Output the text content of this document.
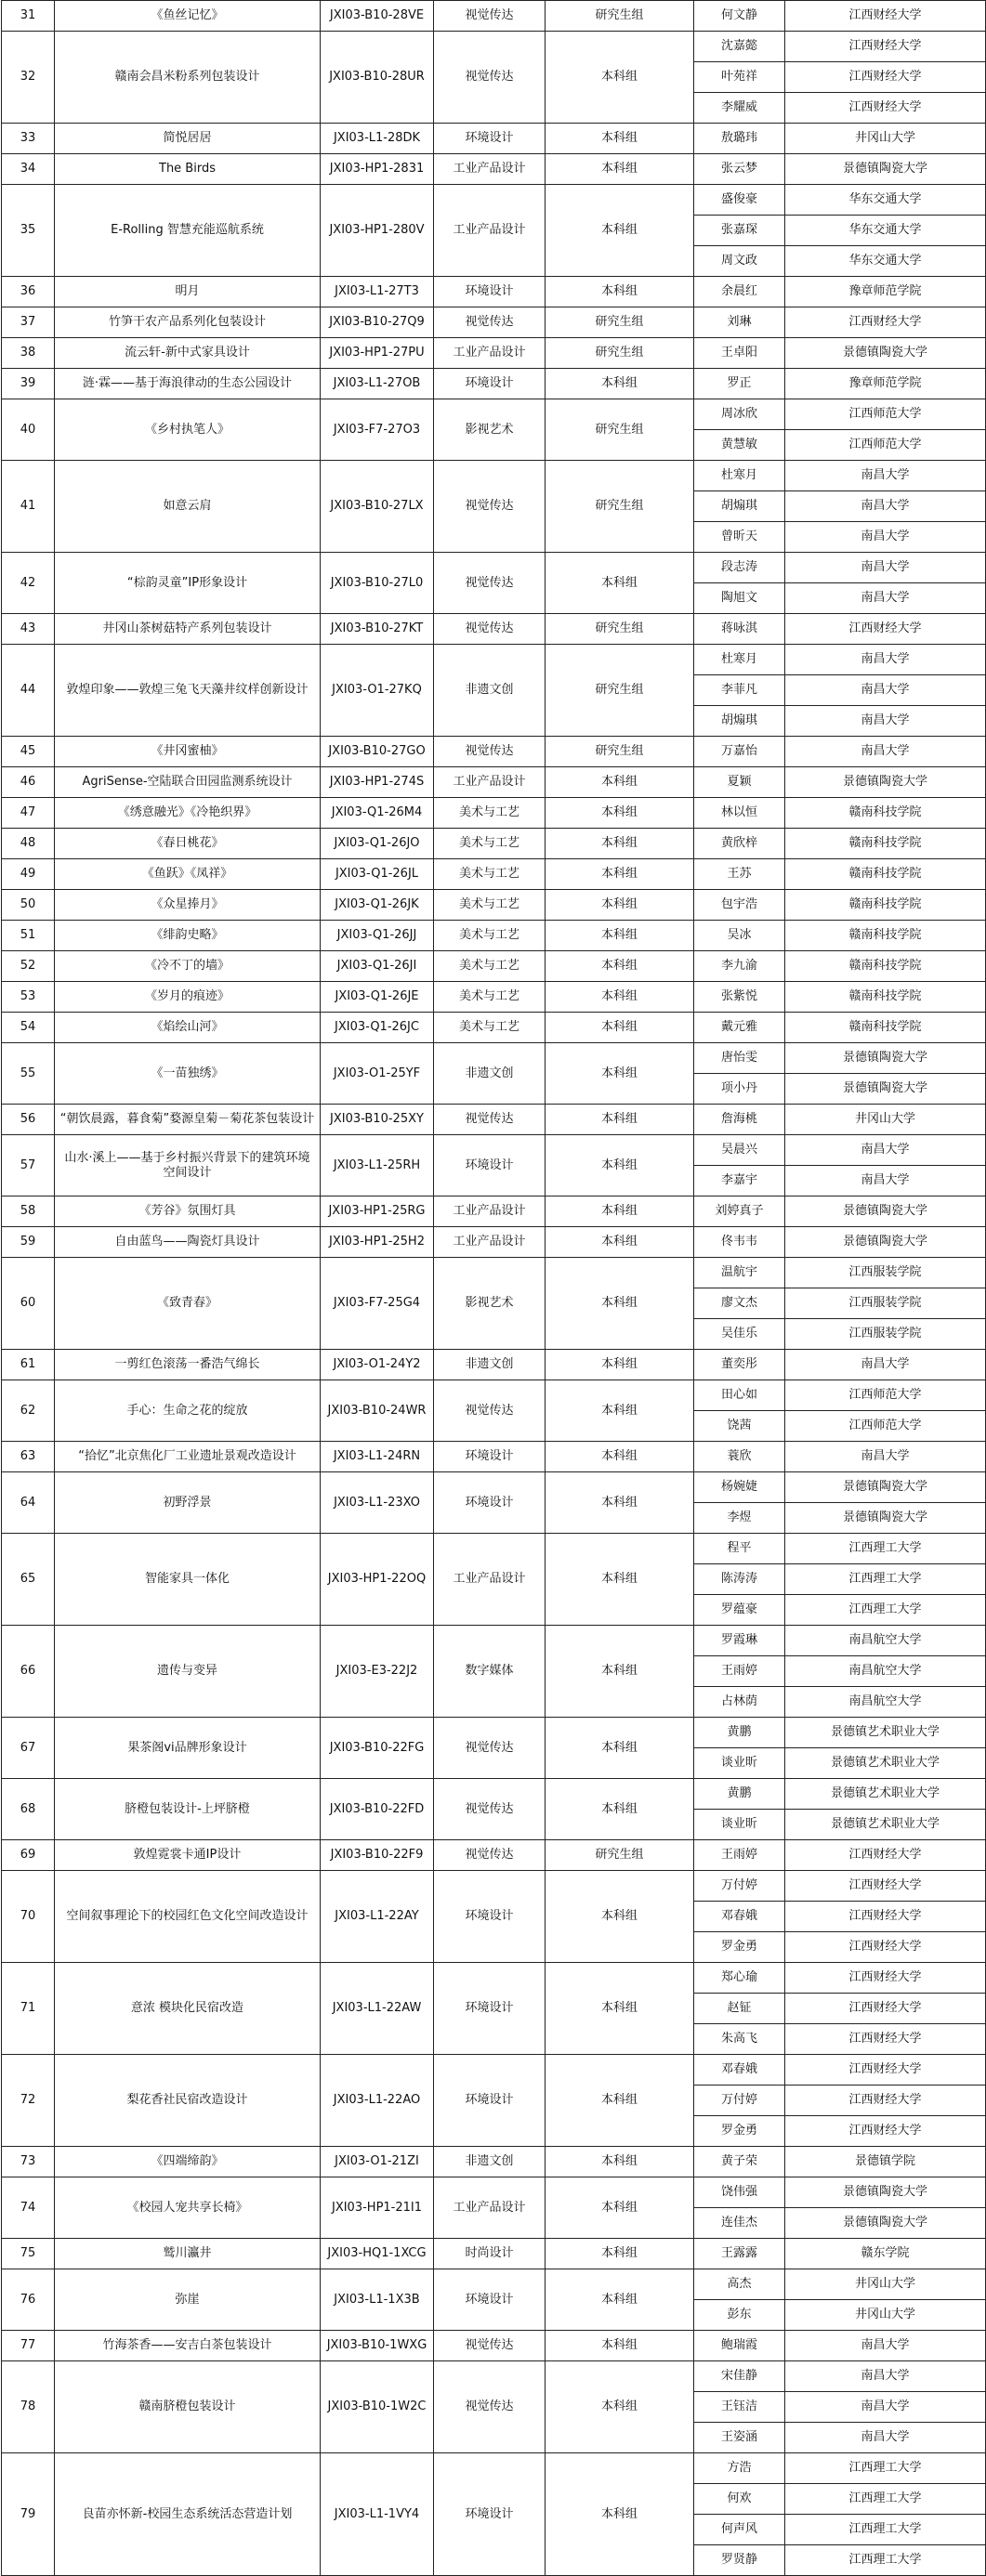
31	《鱼丝记忆》	JXI03-B10-28VE	视觉传达	研究生组	何文静	江西财经大学
32	赣南会昌米粉系列包装设计	JXI03-B10-28UR	视觉传达	本科组	沈嘉懿	江西财经大学
					叶苑祥	江西财经大学
					李耀威	江西财经大学
33	简悦居居	JXI03-L1-28DK	环境设计	本科组	敖璐玮	井冈山大学
34	The Birds	JXI03-HP1-2831	工业产品设计	本科组	张云梦	景德镇陶瓷大学
35	E-Rolling 智慧充能巡航系统	JXI03-HP1-280V	工业产品设计	本科组	盛俊豪	华东交通大学
					张嘉琛	华东交通大学
					周文政	华东交通大学
36	明月	JXI03-L1-27T3	环境设计	本科组	余晨红	豫章师范学院
37	竹笋干农产品系列化包装设计	JXI03-B10-27Q9	视觉传达	研究生组	刘琳	江西财经大学
38	流云轩-新中式家具设计	JXI03-HP1-27PU	工业产品设计	研究生组	王卓阳	景德镇陶瓷大学
39	涟·霖——基于海浪律动的生态公园设计	JXI03-L1-27OB	环境设计	本科组	罗正	豫章师范学院
40	《乡村执笔人》	JXI03-F7-27O3	影视艺术	研究生组	周冰欣	江西师范大学
					黄慧敏	江西师范大学
41	如意云肩	JXI03-B10-27LX	视觉传达	研究生组	杜寒月	南昌大学
					胡煽琪	南昌大学
					曾昕天	南昌大学
42	“棕韵灵童”IP形象设计	JXI03-B10-27L0	视觉传达	本科组	段志涛	南昌大学
					陶旭文	南昌大学
43	井冈山茶树菇特产系列包装设计	JXI03-B10-27KT	视觉传达	研究生组	蒋咏淇	江西财经大学
44	敦煌印象——敦煌三兔飞天藻井纹样创新设计	JXI03-O1-27KQ	非遗文创	研究生组	杜寒月	南昌大学
					李菲凡	南昌大学
					胡煽琪	南昌大学
45	《井冈蜜柚》	JXI03-B10-27GO	视觉传达	研究生组	万嘉怡	南昌大学
46	AgriSense-空陆联合田园监测系统设计	JXI03-HP1-274S	工业产品设计	本科组	夏颖	景德镇陶瓷大学
47	《绣意融光》《冷艳织界》	JXI03-Q1-26M4	美术与工艺	本科组	林以恒	赣南科技学院
48	《春日桃花》	JXI03-Q1-26JO	美术与工艺	本科组	黄欣梓	赣南科技学院
49	《鱼跃》《凤祥》	JXI03-Q1-26JL	美术与工艺	本科组	王苏	赣南科技学院
50	《众星捧月》	JXI03-Q1-26JK	美术与工艺	本科组	包宇浩	赣南科技学院
51	《绯韵史略》	JXI03-Q1-26JJ	美术与工艺	本科组	吴冰	赣南科技学院
52	《冷不丁的墙》	JXI03-Q1-26JI	美术与工艺	本科组	李九渝	赣南科技学院
53	《岁月的痕迹》	JXI03-Q1-26JE	美术与工艺	本科组	张紫悦	赣南科技学院
54	《焰绘山河》	JXI03-Q1-26JC	美术与工艺	本科组	戴元雅	赣南科技学院
55	《一苗独绣》	JXI03-O1-25YF	非遗文创	本科组	唐怡雯	景德镇陶瓷大学
					项小丹	景德镇陶瓷大学
56	“朝饮晨露，暮食菊”婺源皇菊－菊花茶包装设计	JXI03-B10-25XY	视觉传达	本科组	詹海桃	井冈山大学
57	山水·溪上——基于乡村振兴背景下的建筑环境空间设计	JXI03-L1-25RH	环境设计	本科组	吴晨兴	南昌大学
					李嘉宇	南昌大学
58	《芳谷》氛围灯具	JXI03-HP1-25RG	工业产品设计	本科组	刘婷真子	景德镇陶瓷大学
59	自由蓝鸟——陶瓷灯具设计	JXI03-HP1-25H2	工业产品设计	本科组	佟韦韦	景德镇陶瓷大学
60	《致青春》	JXI03-F7-25G4	影视艺术	本科组	温航宇	江西服装学院
					廖文杰	江西服装学院
					吴佳乐	江西服装学院
61	一剪红色滚荡一番浩气绵长	JXI03-O1-24Y2	非遗文创	本科组	董奕彤	南昌大学
62	手心：生命之花的绽放	JXI03-B10-24WR	视觉传达	本科组	田心如	江西师范大学
					饶茜	江西师范大学
63	“拾忆”北京焦化厂工业遗址景观改造设计	JXI03-L1-24RN	环境设计	本科组	蓑欣	南昌大学
64	初野浮景	JXI03-L1-23XO	环境设计	本科组	杨婉婕	景德镇陶瓷大学
					李煜	景德镇陶瓷大学
65	智能家具一体化	JXI03-HP1-22OQ	工业产品设计	本科组	程平	江西理工大学
					陈涛涛	江西理工大学
					罗蕴豪	江西理工大学
66	遗传与变异	JXI03-E3-22J2	数字媒体	本科组	罗霞琳	南昌航空大学
					王雨婷	南昌航空大学
					占林荫	南昌航空大学
67	果茶阁vi品牌形象设计	JXI03-B10-22FG	视觉传达	本科组	黄鹏	景德镇艺术职业大学
					谈业昕	景德镇艺术职业大学
68	脐橙包装设计-上坪脐橙	JXI03-B10-22FD	视觉传达	本科组	黄鹏	景德镇艺术职业大学
					谈业昕	景德镇艺术职业大学
69	敦煌霓裳卡通IP设计	JXI03-B10-22F9	视觉传达	研究生组	王雨婷	江西财经大学
70	空间叙事理论下的校园红色文化空间改造设计	JXI03-L1-22AY	环境设计	本科组	万付婷	江西财经大学
					邓春娥	江西财经大学
					罗金勇	江西财经大学
71	意浓 模块化民宿改造	JXI03-L1-22AW	环境设计	本科组	郑心瑜	江西财经大学
					赵钲	江西财经大学
					朱高飞	江西财经大学
72	梨花香社民宿改造设计	JXI03-L1-22AO	环境设计	本科组	邓春娥	江西财经大学
					万付婷	江西财经大学
					罗金勇	江西财经大学
73	《四端缔韵》	JXI03-O1-21ZI	非遗文创	本科组	黄子荣	景德镇学院
74	《校园人宠共享长椅》	JXI03-HP1-21I1	工业产品设计	本科组	饶伟强	景德镇陶瓷大学
					连佳杰	景德镇陶瓷大学
75	鹫川瀛井	JXI03-HQ1-1XCG	时尚设计	本科组	王露露	赣东学院
76	弥崖	JXI03-L1-1X3B	环境设计	本科组	高杰	井冈山大学
					彭东	井冈山大学
77	竹海茶香——安吉白茶包装设计	JXI03-B10-1WXG	视觉传达	本科组	鲍瑞霞	南昌大学
78	赣南脐橙包装设计	JXI03-B10-1W2C	视觉传达	本科组	宋佳静	南昌大学
					王钰洁	南昌大学
					王姿涵	南昌大学
79	良苗亦怀新-校园生态系统活态营造计划	JXI03-L1-1VY4	环境设计	本科组	方浩	江西理工大学
					何欢	江西理工大学
					何声风	江西理工大学
					罗贤静	江西理工大学
